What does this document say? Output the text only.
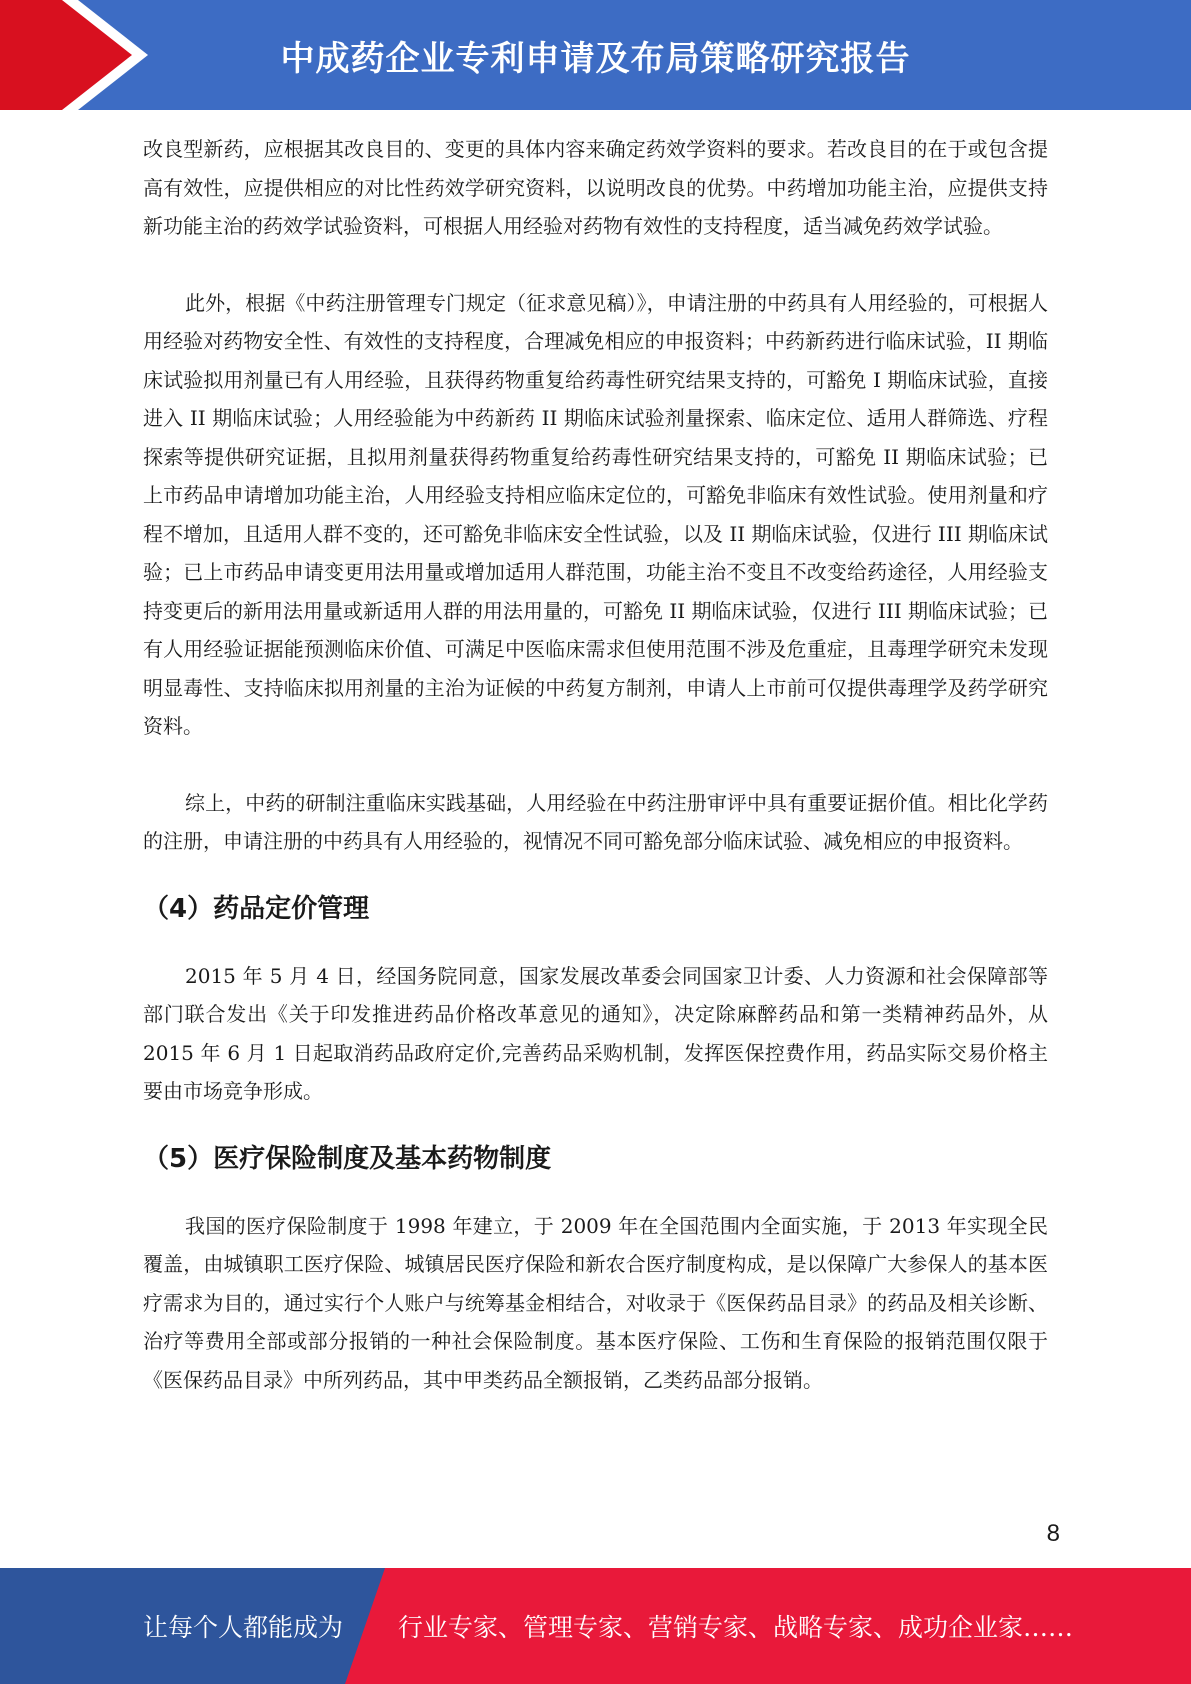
中成药企业专利申请及布局策略研究报告

改良型新药，应根据其改良目的、变更的具体内容来确定药效学资料的要求。若改良目的在于或包含提高有效性，应提供相应的对比性药效学研究资料，以说明改良的优势。中药增加功能主治，应提供支持新功能主治的药效学试验资料，可根据人用经验对药物有效性的支持程度，适当减免药效学试验。

此外，根据《中药注册管理专门规定（征求意见稿）》，申请注册的中药具有人用经验的，可根据人用经验对药物安全性、有效性的支持程度，合理减免相应的申报资料；中药新药进行临床试验，II 期临床试验拟用剂量已有人用经验，且获得药物重复给药毒性研究结果支持的，可豁免 I 期临床试验，直接进入 II 期临床试验；人用经验能为中药新药 II 期临床试验剂量探索、临床定位、适用人群筛选、疗程探索等提供研究证据，且拟用剂量获得药物重复给药毒性研究结果支持的，可豁免 II 期临床试验；已上市药品申请增加功能主治，人用经验支持相应临床定位的，可豁免非临床有效性试验。使用剂量和疗程不增加，且适用人群不变的，还可豁免非临床安全性试验，以及 II 期临床试验，仅进行 III 期临床试验；已上市药品申请变更用法用量或增加适用人群范围，功能主治不变且不改变给药途径，人用经验支持变更后的新用法用量或新适用人群的用法用量的，可豁免 II 期临床试验，仅进行 III 期临床试验；已有人用经验证据能预测临床价值、可满足中医临床需求但使用范围不涉及危重症，且毒理学研究未发现明显毒性、支持临床拟用剂量的主治为证候的中药复方制剂，申请人上市前可仅提供毒理学及药学研究资料。

综上，中药的研制注重临床实践基础，人用经验在中药注册审评中具有重要证据价值。相比化学药的注册，申请注册的中药具有人用经验的，视情况不同可豁免部分临床试验、减免相应的申报资料。

（4）药品定价管理

2015 年 5 月 4 日，经国务院同意，国家发展改革委会同国家卫计委、人力资源和社会保障部等部门联合发出《关于印发推进药品价格改革意见的通知》，决定除麻醉药品和第一类精神药品外，从 2015 年 6 月 1 日起取消药品政府定价,完善药品采购机制，发挥医保控费作用，药品实际交易价格主要由市场竞争形成。

（5）医疗保险制度及基本药物制度

我国的医疗保险制度于 1998 年建立，于 2009 年在全国范围内全面实施，于 2013 年实现全民覆盖，由城镇职工医疗保险、城镇居民医疗保险和新农合医疗制度构成，是以保障广大参保人的基本医疗需求为目的，通过实行个人账户与统筹基金相结合，对收录于《医保药品目录》的药品及相关诊断、治疗等费用全部或部分报销的一种社会保险制度。基本医疗保险、工伤和生育保险的报销范围仅限于《医保药品目录》中所列药品，其中甲类药品全额报销，乙类药品部分报销。

8
让每个人都能成为 行业专家、管理专家、营销专家、战略专家、成功企业家……
